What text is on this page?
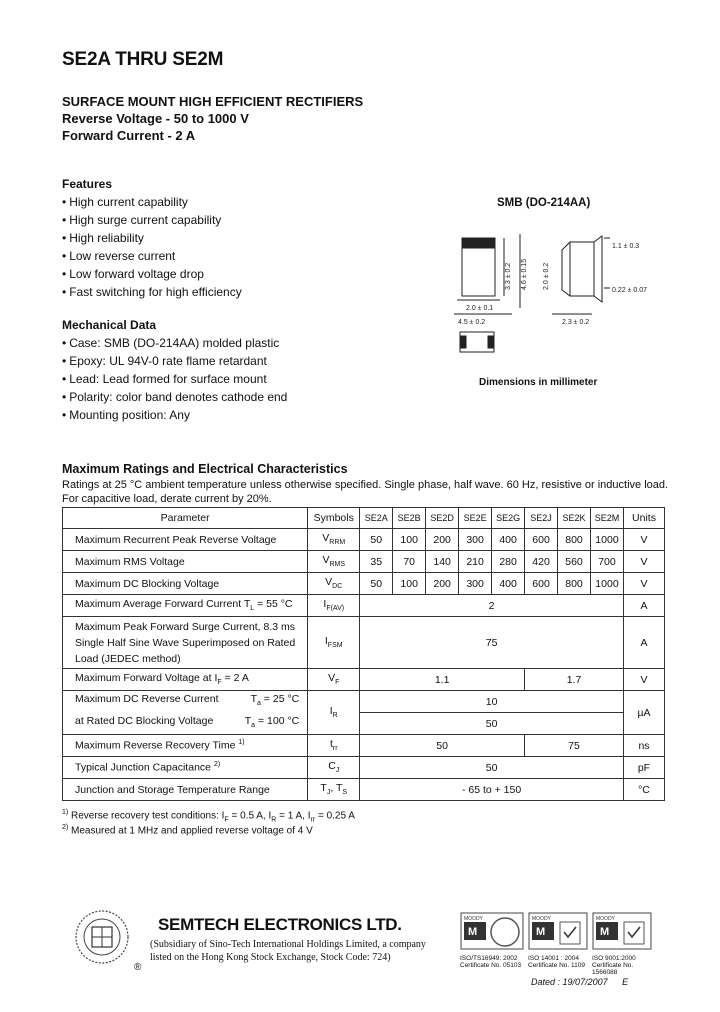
SE2A THRU SE2M
SURFACE MOUNT HIGH EFFICIENT RECTIFIERS
Reverse Voltage - 50 to 1000 V
Forward Current - 2 A
Features
• High current capability
• High surge current capability
• High reliability
• Low reverse current
• Low forward voltage drop
• Fast switching for high efficiency
Mechanical Data
• Case: SMB (DO-214AA) molded plastic
• Epoxy: UL 94V-0 rate flame retardant
• Lead: Lead formed for surface mount
• Polarity: color band denotes cathode end
• Mounting position: Any
SMB (DO-214AA)
2.0 ± 0.1
4.5 ± 0.2	2.3 ± 0.2
1.1 ± 0.3
0.22 ± 0.07
3.3 ± 0.2 4.6 ± 0.15 2.0 ± 0.2
Dimensions in millimeter
Maximum Ratings and Electrical Characteristics
Ratings at 25 °C ambient temperature unless otherwise specified. Single phase, half wave. 60 Hz, resistive or inductive load.
For capacitive load, derate current by 20%.
Parameter	Symbols	SE2A	SE2B	SE2D	SE2E	SE2G	SE2J	SE2K	SE2M	Units
Maximum Recurrent Peak Reverse Voltage	$V_{RRM}$	50	100	200	300	400	600	800	1000	V
Maximum RMS Voltage	$V_{RMS}$	35	70	140	210	280	420	560	700	V
Maximum DC Blocking Voltage	$V_{DC}$	50	100	200	300	400	600	800	1000	V
Maximum Average Forward Current $T_L = 55$ °C	$I_{F(AV)}$	2								A

Maximum Peak Forward Surge Current, 8.3 ms
Single Half Sine Wave Superimposed on Rated
Load (JEDEC method)	$I_{FSM}$	75								A
Maximum Forward Voltage at $I_F = 2$ A	$V_F$	1.1					1.7			V

Maximum DC Reverse Current $T_a = 25$ °C
at Rated DC Blocking Voltage $T_a = 100$ °C	$I_R$	10								µA
		50								
Maximum Reverse Recovery Time $^{1)}$	$t_{rr}$	50					75			ns
Typical Junction Capacitance $^{2)}$	$C_J$	50								pF
Junction and Storage Temperature Range	$T_J$, $T_S$	- 65 to + 150								°C
$^{1)}$ Reverse recovery test conditions: $I_F = 0.5$ A, $I_R = 1$ A, $I_{rr} = 0.25$ A
$^{2)}$ Measured at 1 MHz and applied reverse voltage of 4 V
®
SEMTECH ELECTRONICS LTD.
(Subsidiary of Sino-Tech International Holdings Limited, a company
listed on the Hong Kong Stock Exchange, Stock Code: 724)
M
MOODY
ISO/TS16949: 2002
Certificate No. 05103
M
MOODY
ISO 14001 : 2004
Certificate No. 1109
M
MOODY
ISO 9001:2000
Certificate No. 1566088
Dated : 19/07/2007 E
